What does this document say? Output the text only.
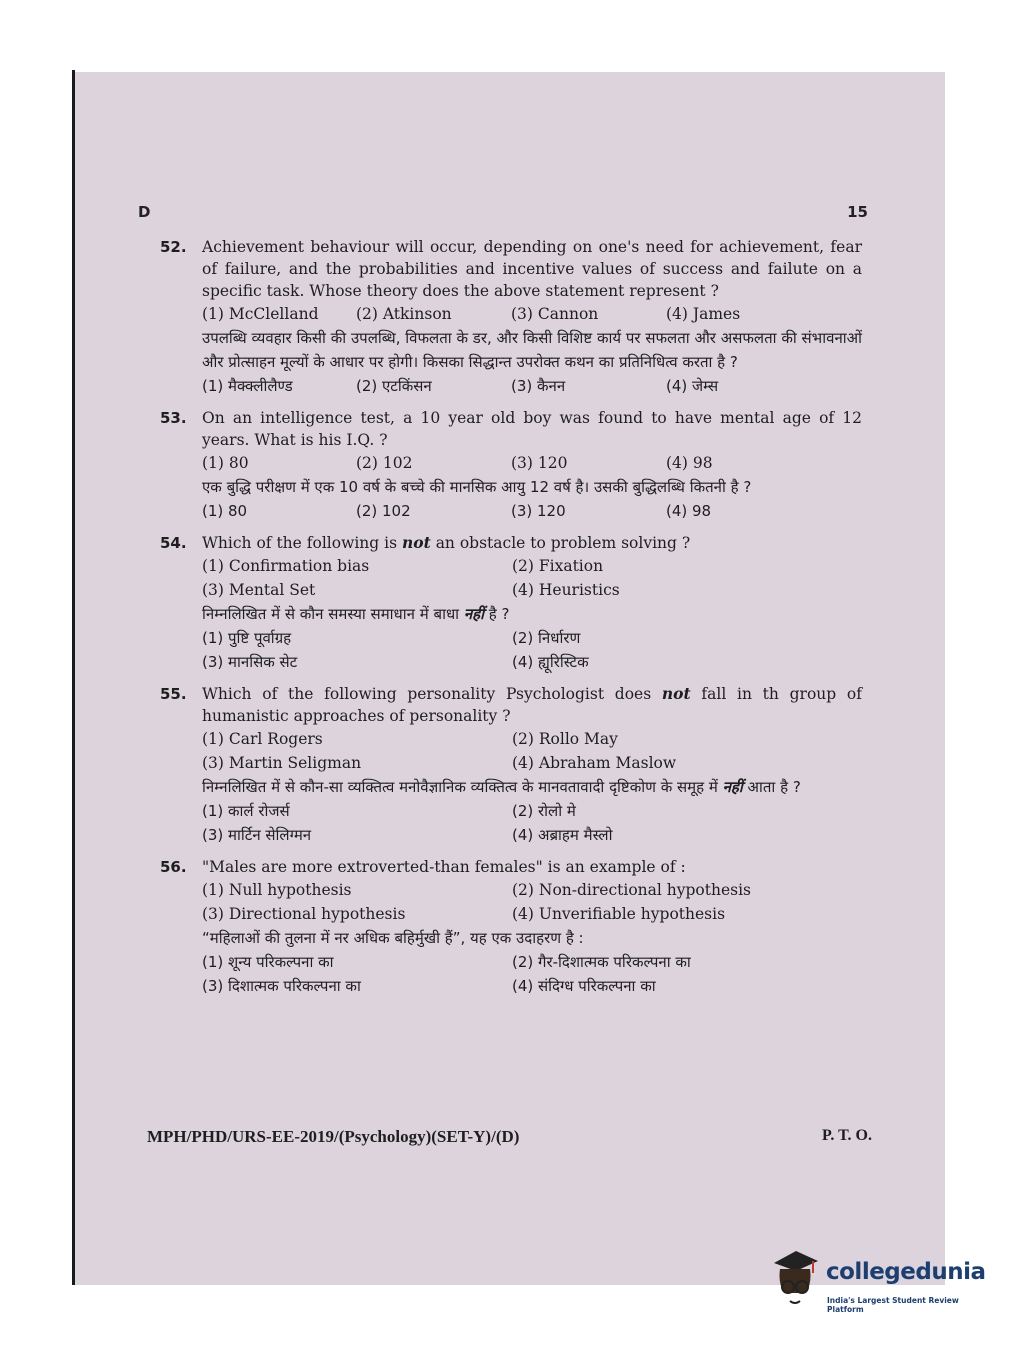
D	15
52. Achievement behaviour will occur, depending on one's need for achievement, fear of failure, and the probabilities and incentive values of success and failute on a specific task. Whose theory does the above statement represent ?

(1) McClelland	(2) Atkinson	(3) Cannon	(4) James

उपलब्धि व्यवहार किसी की उपलब्धि, विफलता के डर, और किसी विशिष्ट कार्य पर सफलता और असफलता की संभावनाओं और प्रोत्साहन मूल्यों के आधार पर होगी। किसका सिद्धान्त उपरोक्त कथन का प्रतिनिधित्व करता है ?

(1) मैक्क्लीलैण्ड	(2) एटकिंसन	(3) कैनन	(4) जेम्स
53. On an intelligence test, a 10 year old boy was found to have mental age of 12 years. What is his I.Q. ?

(1) 80	(2) 102	(3) 120	(4) 98

एक बुद्धि परीक्षण में एक 10 वर्ष के बच्चे की मानसिक आयु 12 वर्ष है। उसकी बुद्धिलब्धि कितनी है ?

(1) 80	(2) 102	(3) 120	(4) 98
54. Which of the following is not an obstacle to problem solving ?

(1) Confirmation bias	(2) Fixation
(3) Mental Set	(4) Heuristics

निम्नलिखित में से कौन समस्या समाधान में बाधा नहीं है ?

(1) पुष्टि पूर्वाग्रह	(2) निर्धारण
(3) मानसिक सेट	(4) ह्यूरिस्टिक
55. Which of the following personality Psychologist does not fall in th group of humanistic approaches of personality ?

(1) Carl Rogers	(2) Rollo May
(3) Martin Seligman	(4) Abraham Maslow

निम्नलिखित में से कौन-सा व्यक्तित्व मनोवैज्ञानिक व्यक्तित्व के मानवतावादी दृष्टिकोण के समूह में नहीं आता है ?

(1) कार्ल रोजर्स	(2) रोलो मे
(3) मार्टिन सेलिग्मन	(4) अब्राहम मैस्लो
56. "Males are more extroverted-than females" is an example of :

(1) Null hypothesis	(2) Non-directional hypothesis
(3) Directional hypothesis	(4) Unverifiable hypothesis

“महिलाओं की तुलना में नर अधिक बहिर्मुखी हैं”, यह एक उदाहरण है :

(1) शून्य परिकल्पना का	(2) गैर-दिशात्मक परिकल्पना का
(3) दिशात्मक परिकल्पना का	(4) संदिग्ध परिकल्पना का
MPH/PHD/URS-EE-2019/(Psychology)(SET-Y)/(D)	P. T. O.
collegedunia
India's Largest Student Review Platform
